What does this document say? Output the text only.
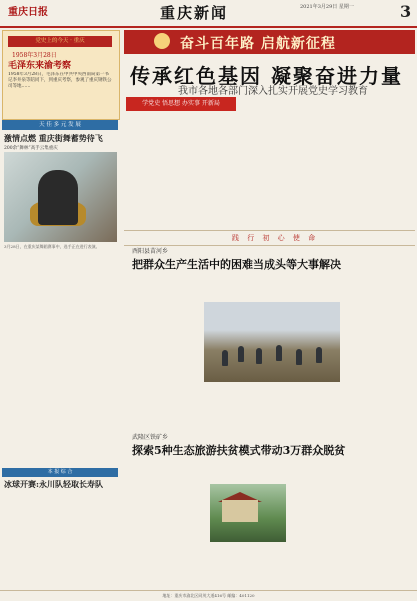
重庆日报	重庆新闻	2021年3月29日 星期一	3
党史上的今天 · 重庆
1958年3月28日
毛泽东来渝考察
1958年3月28日，毛泽东在中共中央西南局第一书记李井泉等陪同下，到重庆考察，参观了重庆钢铁公司等地……
天 佳 多 元 发 展
激情点燃 重庆街舞蓄势待飞
200余“舞林”高手云集重庆
3月28日，在重庆某舞蹈赛事中，选手正在进行表演。
本 报 综 合
冰球开赛:永川队轻取长寿队
奋斗百年路 启航新征程
传承红色基因 凝聚奋进力量
我市各地各部门深入扎实开展党史学习教育
学党史 悟思想 办实事 开新局
践 行 初 心 使 命
酉阳县苗河乡
把群众生产生活中的困难当成头等大事解决
武隆区铁矿乡
探索5种生态旅游扶贫模式带动3万群众脱贫
地址：重庆市渝北区同茂大道416号 邮编：401120
